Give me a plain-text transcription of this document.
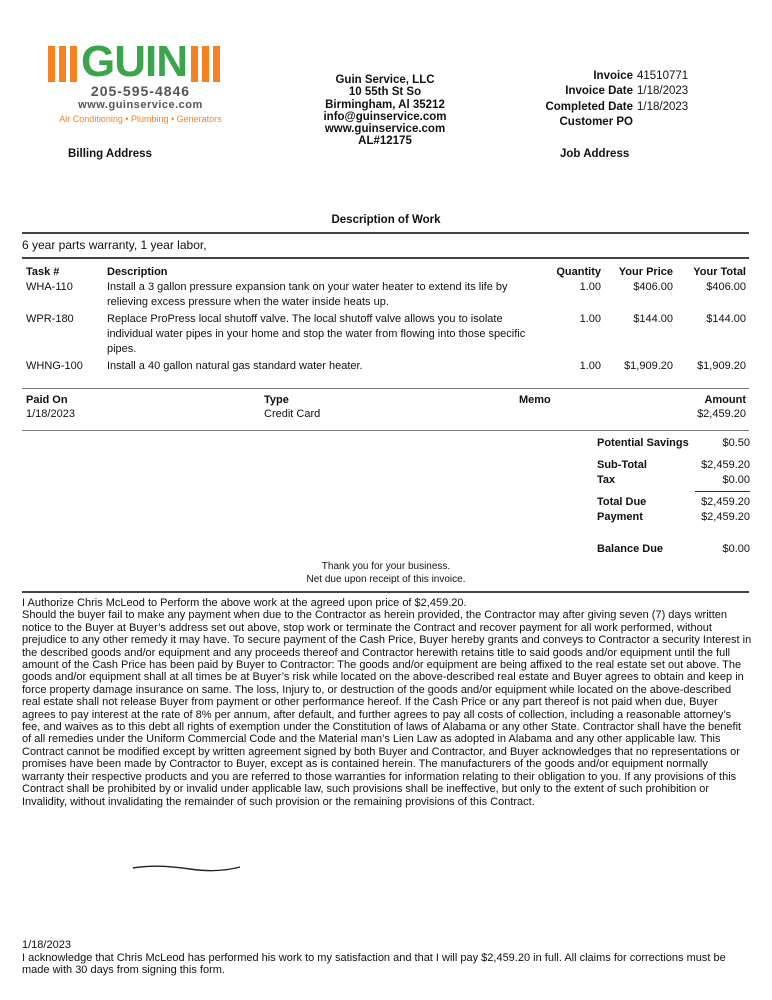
GUIN
205-595-4846
www.guinservice.com
Air Conditioning • Plumbing • Generators
Guin Service, LLC
10 55th St So
Birmingham, Al 35212
info@guinservice.com
www.guinservice.com
AL#12175
Invoice 41510771
Invoice Date 1/18/2023
Completed Date 1/18/2023
Customer PO
Billing Address	Job Address
Description of Work
6 year parts warranty, 1 year labor,
Task #	Description	Quantity	Your Price	Your Total
WHA-110	Install a 3 gallon pressure expansion tank on your water heater to extend its life by relieving excess pressure when the water inside heats up.	1.00	$406.00	$406.00
WPR-180	Replace ProPress local shutoff valve. The local shutoff valve allows you to isolate individual water pipes in your home and stop the water from flowing into those specific pipes.	1.00	$144.00	$144.00
WHNG-100	Install a 40 gallon natural gas standard water heater.	1.00	$1,909.20	$1,909.20
Paid On	Type	Memo	Amount
1/18/2023	Credit Card		$2,459.20
Potential Savings	$0.50
Sub-Total	$2,459.20
Tax	$0.00
Total Due	$2,459.20
Payment	$2,459.20
Balance Due	$0.00
Thank you for your business.
Net due upon receipt of this invoice.
I Authorize Chris McLeod to Perform the above work at the agreed upon price of $2,459.20.
Should the buyer fail to make any payment when due to the Contractor as herein provided, the Contractor may after giving seven (7) days written notice to the Buyer at Buyer’s address set out above, stop work or terminate the Contract and recover payment for all work performed, without prejudice to any other remedy it may have. To secure payment of the Cash Price, Buyer hereby grants and conveys to Contractor a security Interest in the described goods and/or equipment and any proceeds thereof and Contractor herewith retains title to said goods and/or equipment until the full amount of the Cash Price has been paid by Buyer to Contractor: The goods and/or equipment are being affixed to the real estate set out above. The goods and/or equipment shall at all times be at Buyer’s risk while located on the above-described real estate and Buyer agrees to obtain and keep in force property damage insurance on same. The loss, Injury to, or destruction of the goods and/or equipment while located on the above-described real estate shall not release Buyer from payment or other performance hereof. If the Cash Price or any part thereof is not paid when due, Buyer agrees to pay interest at the rate of 8% per annum, after default, and further agrees to pay all costs of collection, including a reasonable attorney’s fee, and waives as to this debt all rights of exemption under the Constitution of laws of Alabama or any other State. Contractor shall have the benefit of all remedies under the Uniform Commercial Code and the Material man’s Lien Law as adopted in Alabama and any other applicable law. This Contract cannot be modified except by written agreement signed by both Buyer and Contractor, and Buyer acknowledges that no representations or promises have been made by Contractor to Buyer, except as is contained herein. The manufacturers of the goods and/or equipment normally warranty their respective products and you are referred to those warranties for information relating to their obligation to you. If any provisions of this Contract shall be prohibited by or invalid under applicable law, such provisions shall be ineffective, but only to the extent of such prohibition or Invalidity, without invalidating the remainder of such provision or the remaining provisions of this Contract.
1/18/2023
I acknowledge that Chris McLeod has performed his work to my satisfaction and that I will pay $2,459.20 in full. All claims for corrections must be made with 30 days from signing this form.
